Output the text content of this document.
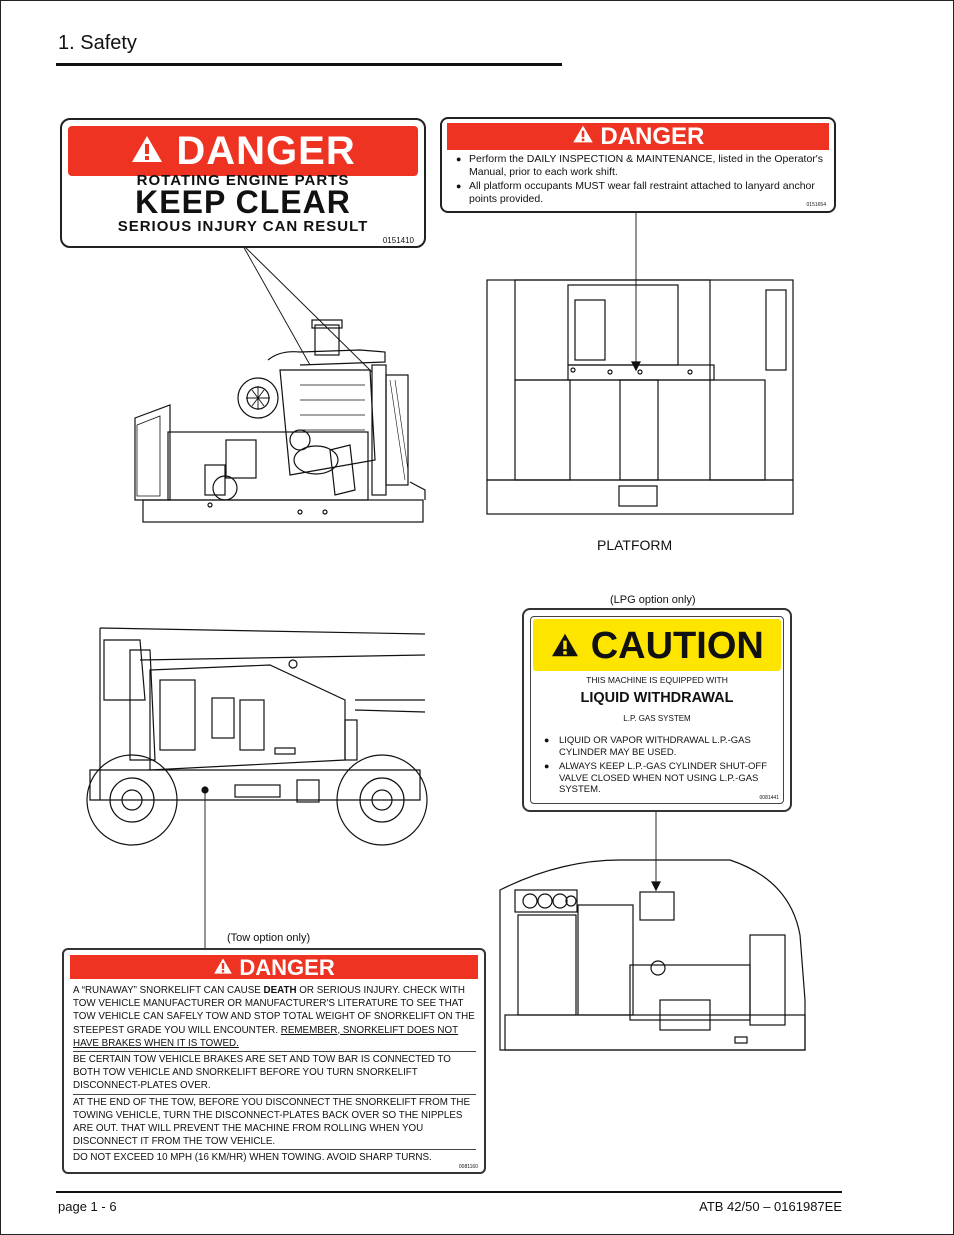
1. Safety
DANGER
ROTATING ENGINE PARTS
KEEP CLEAR
SERIOUS INJURY CAN RESULT
0151410
DANGER

● Perform the DAILY INSPECTION & MAINTENANCE, listed in the Operator's Manual, prior to each work shift.

● All platform occupants MUST wear fall restraint attached to lanyard anchor points provided.

0151654
PLATFORM
(LPG option only)
CAUTION
THIS MACHINE IS EQUIPPED WITH
LIQUID WITHDRAWAL
L.P. GAS SYSTEM
● LIQUID OR VAPOR WITHDRAWAL L.P.-GAS CYLINDER MAY BE USED.
● ALWAYS KEEP L.P.-GAS CYLINDER SHUT-OFF VALVE CLOSED WHEN NOT USING L.P.-GAS SYSTEM.
0081441
(Tow option only)
DANGER

A “RUNAWAY” SNORKELIFT CAN CAUSE DEATH OR SERIOUS INJURY. CHECK WITH TOW VEHICLE MANUFACTURER OR MANUFACTURER'S LITERATURE TO SEE THAT TOW VEHICLE CAN SAFELY TOW AND STOP TOTAL WEIGHT OF SNORKELIFT ON THE STEEPEST GRADE YOU WILL ENCOUNTER. REMEMBER, SNORKELIFT DOES NOT HAVE BRAKES WHEN IT IS TOWED.

BE CERTAIN TOW VEHICLE BRAKES ARE SET AND TOW BAR IS CONNECTED TO BOTH TOW VEHICLE AND SNORKELIFT BEFORE YOU TURN SNORKELIFT DISCONNECT-PLATES OVER.

AT THE END OF THE TOW, BEFORE YOU DISCONNECT THE SNORKELIFT FROM THE TOWING VEHICLE, TURN THE DISCONNECT-PLATES BACK OVER SO THE NIPPLES ARE OUT. THAT WILL PREVENT THE MACHINE FROM ROLLING WHEN YOU DISCONNECT IT FROM THE TOW VEHICLE.

DO NOT EXCEED 10 MPH (16 KM/HR) WHEN TOWING. AVOID SHARP TURNS.

0081160
page 1 - 6	ATB 42/50 – 0161987EE
